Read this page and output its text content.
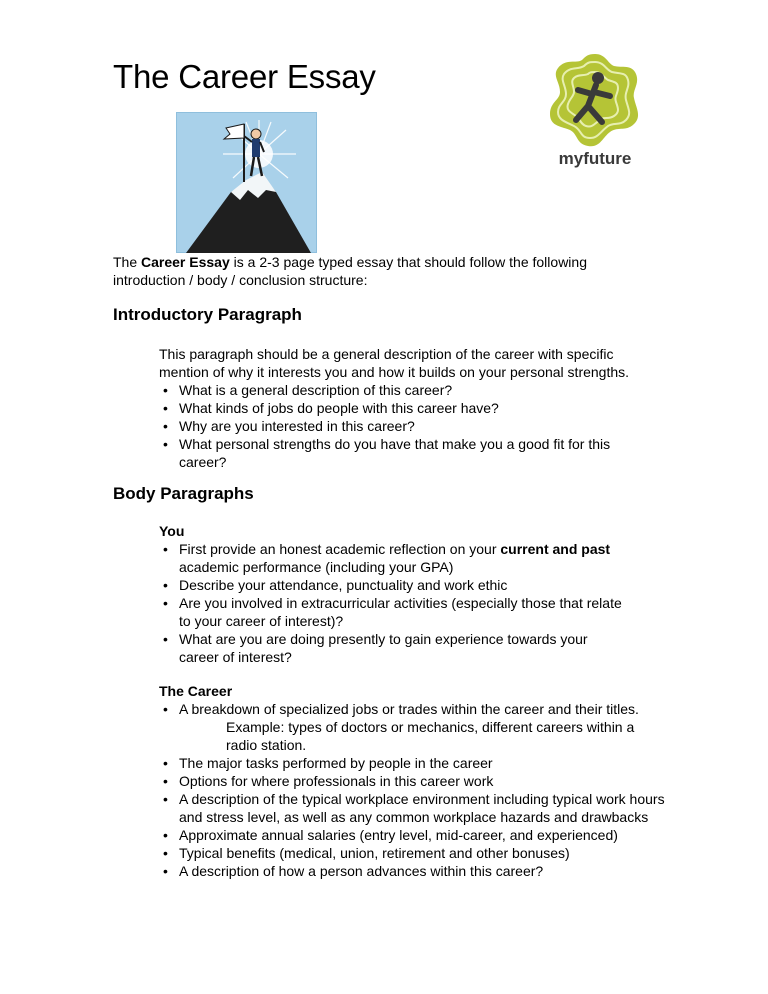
The Career Essay
myfuture

The Career Essay is a 2-3 page typed essay that should follow the following introduction / body / conclusion structure:

Introductory Paragraph

This paragraph should be a general description of the career with specific mention of why it interests you and how it builds on your personal strengths.

• What is a general description of this career?
• What kinds of jobs do people with this career have?
• Why are you interested in this career?
• What personal strengths do you have that make you a good fit for this career?
Body Paragraphs

You

• First provide an honest academic reflection on your current and past academic performance (including your GPA)
• Describe your attendance, punctuality and work ethic
• Are you involved in extracurricular activities (especially those that relate to your career of interest)?
• What are you are doing presently to gain experience towards your career of interest?

The Career

• A breakdown of specialized jobs or trades within the career and their titles.

Example: types of doctors or mechanics, different careers within a radio station.

• The major tasks performed by people in the career
• Options for where professionals in this career work
• A description of the typical workplace environment including typical work hours and stress level, as well as any common workplace hazards and drawbacks
• Approximate annual salaries (entry level, mid-career, and experienced)
• Typical benefits (medical, union, retirement and other bonuses)
• A description of how a person advances within this career?
